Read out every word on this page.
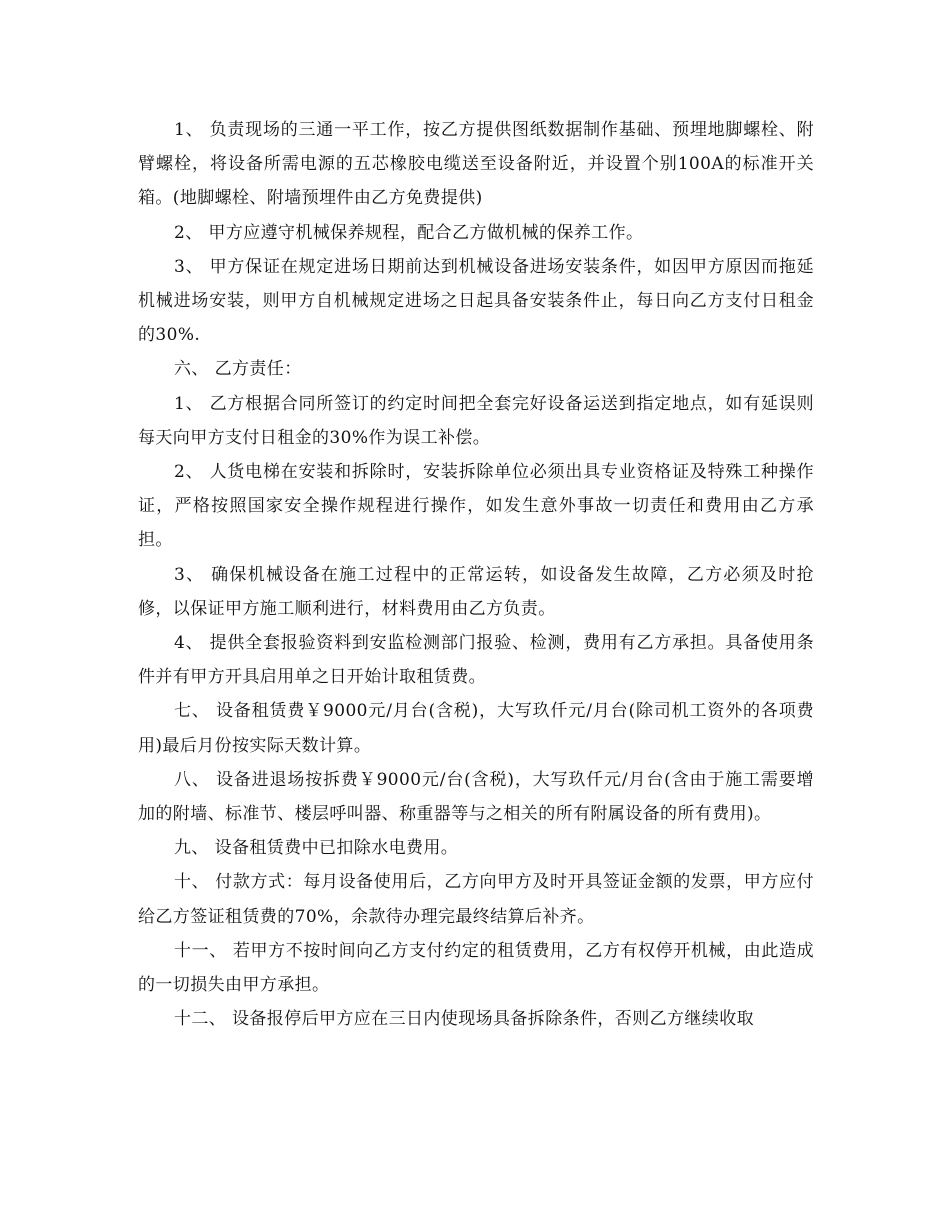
1、 负责现场的三通一平工作，按乙方提供图纸数据制作基础、预埋地脚螺栓、附臂螺栓，将设备所需电源的五芯橡胶电缆送至设备附近，并设置个别100A的标准开关箱。(地脚螺栓、附墙预埋件由乙方免费提供)

2、 甲方应遵守机械保养规程，配合乙方做机械的保养工作。

3、 甲方保证在规定进场日期前达到机械设备进场安装条件，如因甲方原因而拖延机械进场安装，则甲方自机械规定进场之日起具备安装条件止，每日向乙方支付日租金的30%.

六、 乙方责任：

1、 乙方根据合同所签订的约定时间把全套完好设备运送到指定地点，如有延误则每天向甲方支付日租金的30%作为误工补偿。

2、 人货电梯在安装和拆除时，安装拆除单位必须出具专业资格证及特殊工种操作证，严格按照国家安全操作规程进行操作，如发生意外事故一切责任和费用由乙方承担。

3、 确保机械设备在施工过程中的正常运转，如设备发生故障，乙方必须及时抢修，以保证甲方施工顺利进行，材料费用由乙方负责。

4、 提供全套报验资料到安监检测部门报验、检测，费用有乙方承担。具备使用条件并有甲方开具启用单之日开始计取租赁费。

七、 设备租赁费￥9000元/月台(含税)，大写玖仟元/月台(除司机工资外的各项费用)最后月份按实际天数计算。

八、 设备进退场按拆费￥9000元/台(含税)，大写玖仟元/月台(含由于施工需要增加的附墙、标准节、楼层呼叫器、称重器等与之相关的所有附属设备的所有费用)。

九、 设备租赁费中已扣除水电费用。

十、 付款方式：每月设备使用后，乙方向甲方及时开具签证金额的发票，甲方应付给乙方签证租赁费的70%，余款待办理完最终结算后补齐。

十一、 若甲方不按时间向乙方支付约定的租赁费用，乙方有权停开机械，由此造成的一切损失由甲方承担。

十二、 设备报停后甲方应在三日内使现场具备拆除条件，否则乙方继续收取
